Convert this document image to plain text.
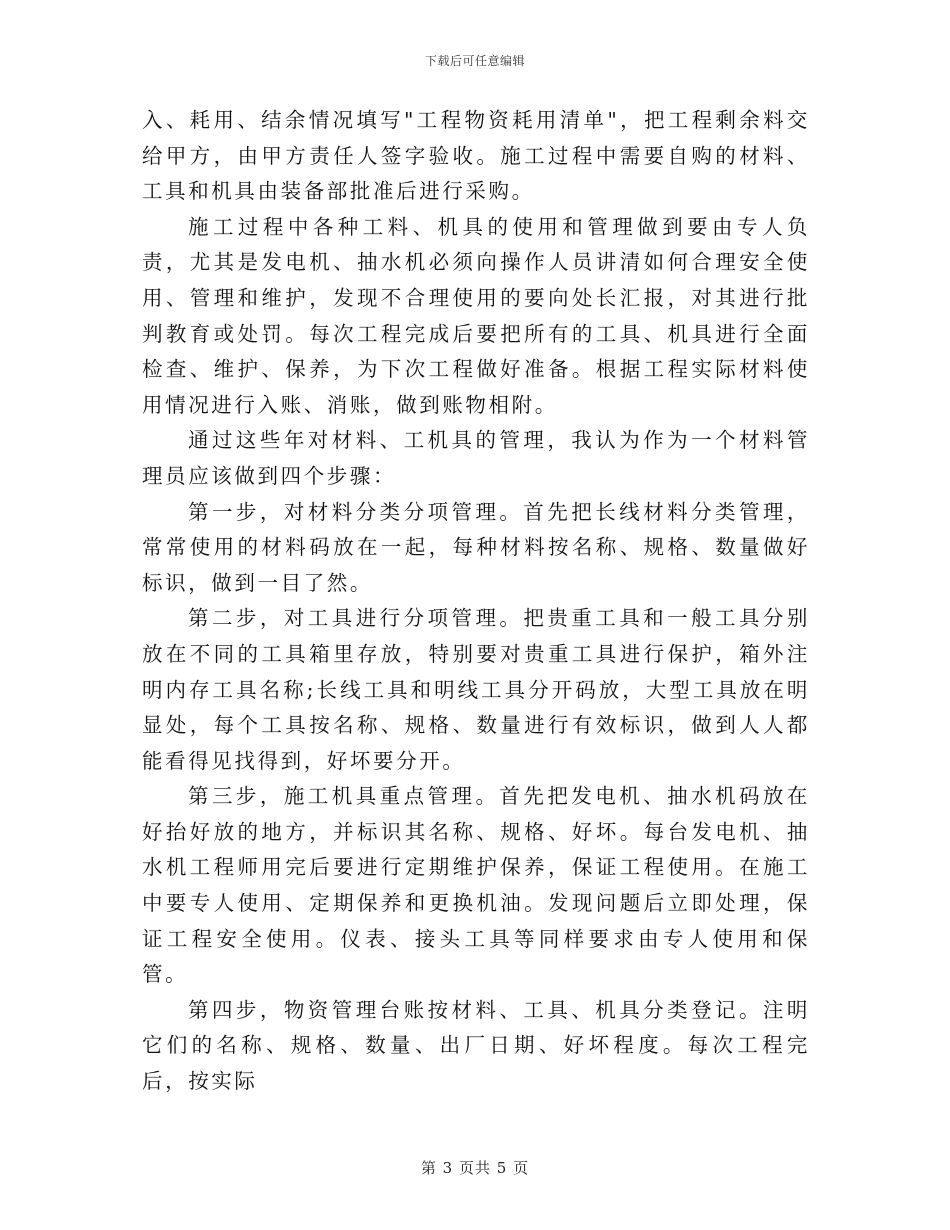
下载后可任意编辑

入、耗用、结余情况填写"工程物资耗用清单"，把工程剩余料交给甲方，由甲方责任人签字验收。施工过程中需要自购的材料、工具和机具由装备部批准后进行采购。

施工过程中各种工料、机具的使用和管理做到要由专人负责，尤其是发电机、抽水机必须向操作人员讲清如何合理安全使用、管理和维护，发现不合理使用的要向处长汇报，对其进行批判教育或处罚。每次工程完成后要把所有的工具、机具进行全面检查、维护、保养，为下次工程做好准备。根据工程实际材料使用情况进行入账、消账，做到账物相附。

通过这些年对材料、工机具的管理，我认为作为一个材料管理员应该做到四个步骤：

第一步，对材料分类分项管理。首先把长线材料分类管理，常常使用的材料码放在一起，每种材料按名称、规格、数量做好标识，做到一目了然。

第二步，对工具进行分项管理。把贵重工具和一般工具分别放在不同的工具箱里存放，特别要对贵重工具进行保护，箱外注明内存工具名称;长线工具和明线工具分开码放，大型工具放在明显处，每个工具按名称、规格、数量进行有效标识，做到人人都能看得见找得到，好坏要分开。

第三步，施工机具重点管理。首先把发电机、抽水机码放在好抬好放的地方，并标识其名称、规格、好坏。每台发电机、抽水机工程师用完后要进行定期维护保养，保证工程使用。在施工中要专人使用、定期保养和更换机油。发现问题后立即处理，保证工程安全使用。仪表、接头工具等同样要求由专人使用和保管。

第四步，物资管理台账按材料、工具、机具分类登记。注明它们的名称、规格、数量、出厂日期、好坏程度。每次工程完后，按实际

第 3 页共 5 页
